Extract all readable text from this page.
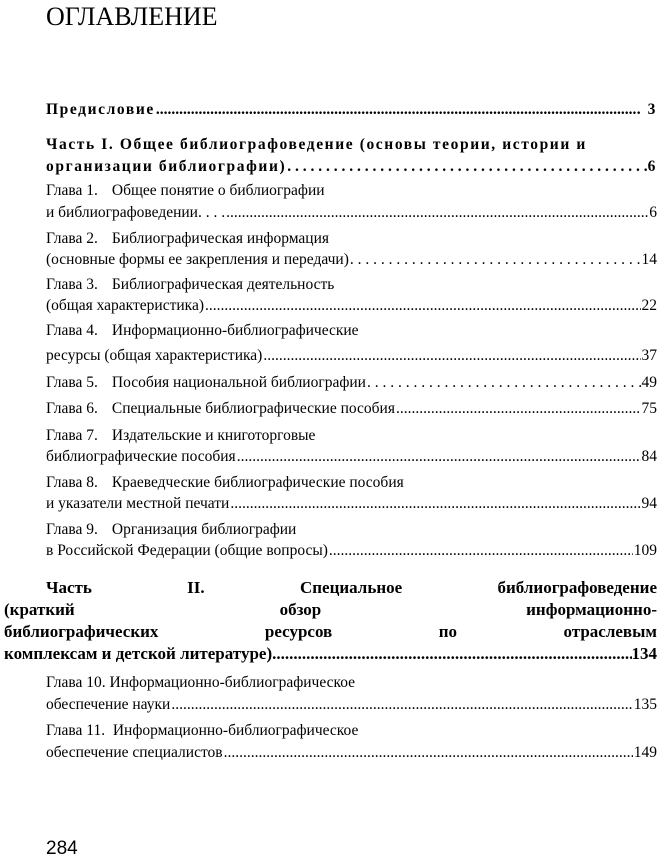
ОГЛАВЛЕНИЕ
Предисловие .....	. 3
Часть I. Общее библиографоведение (основы теории, истории и
организации библиографии) . . .	6
Глава 1. Общее понятие о библиографии
и библиографоведении. . . . .....	6
Глава 2. Библиографическая информация
(основные формы ее закрепления и передачи) . . .	14
Глава 3. Библиографическая деятельность
(общая характеристика) .....	22
Глава 4. Информационно-библиографические
ресурсы (общая характеристика) .....	37
Глава 5. Пособия национальной библиографии . . .	49
Глава 6. Специальные библиографические пособия .....	75
Глава 7. Издательские и книготорговые
библиографические пособия .....	84
Глава 8. Краеведческие библиографические пособия
и указатели местной печати .....	94
Глава 9. Организация библиографии
в Российской Федерации (общие вопросы) .....	109
Часть	II.	Специальное	библиографоведение
(краткий	обзор	информационно-
библиографических	ресурсов	по	отраслевым
комплексам и детской литературе) .....	134
Глава 10. Информационно-библиографическое
обеспечение науки .....	135
Глава 11. Информационно-библиографическое
обеспечение специалистов .....	149
284
